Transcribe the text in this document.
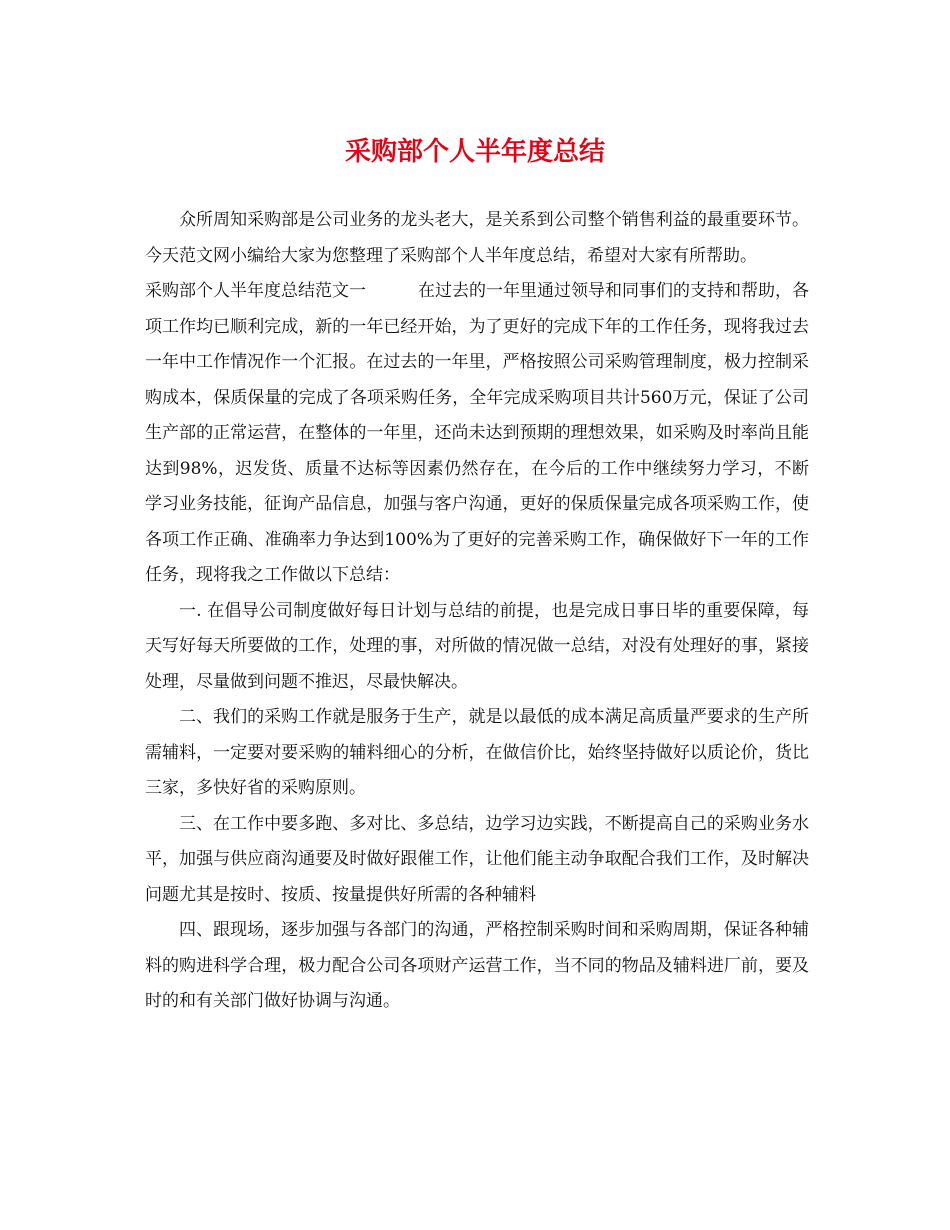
采购部个人半年度总结

众所周知采购部是公司业务的龙头老大，是关系到公司整个销售利益的最重要环节。今天范文网小编给大家为您整理了采购部个人半年度总结，希望对大家有所帮助。

采购部个人半年度总结范文一	在过去的一年里通过领导和同事们的支持和帮助，各项工作均已顺利完成，新的一年已经开始，为了更好的完成下年的工作任务，现将我过去一年中工作情况作一个汇报。在过去的一年里，严格按照公司采购管理制度，极力控制采购成本，保质保量的完成了各项采购任务，全年完成采购项目共计560万元，保证了公司生产部的正常运营，在整体的一年里，还尚未达到预期的理想效果，如采购及时率尚且能达到98%，迟发货、质量不达标等因素仍然存在，在今后的工作中继续努力学习，不断学习业务技能，征询产品信息，加强与客户沟通，更好的保质保量完成各项采购工作，使各项工作正确、准确率力争达到100%为了更好的完善采购工作，确保做好下一年的工作任务，现将我之工作做以下总结：

一. 在倡导公司制度做好每日计划与总结的前提，也是完成日事日毕的重要保障，每天写好每天所要做的工作，处理的事，对所做的情况做一总结，对没有处理好的事，紧接处理，尽量做到问题不推迟，尽最快解决。

二、我们的采购工作就是服务于生产，就是以最低的成本满足高质量严要求的生产所需辅料，一定要对要采购的辅料细心的分析，在做信价比，始终坚持做好以质论价，货比三家，多快好省的采购原则。

三、在工作中要多跑、多对比、多总结，边学习边实践，不断提高自己的采购业务水平，加强与供应商沟通要及时做好跟催工作，让他们能主动争取配合我们工作，及时解决问题尤其是按时、按质、按量提供好所需的各种辅料

四、跟现场，逐步加强与各部门的沟通，严格控制采购时间和采购周期，保证各种辅料的购进科学合理，极力配合公司各项财产运营工作，当不同的物品及辅料进厂前，要及时的和有关部门做好协调与沟通。
